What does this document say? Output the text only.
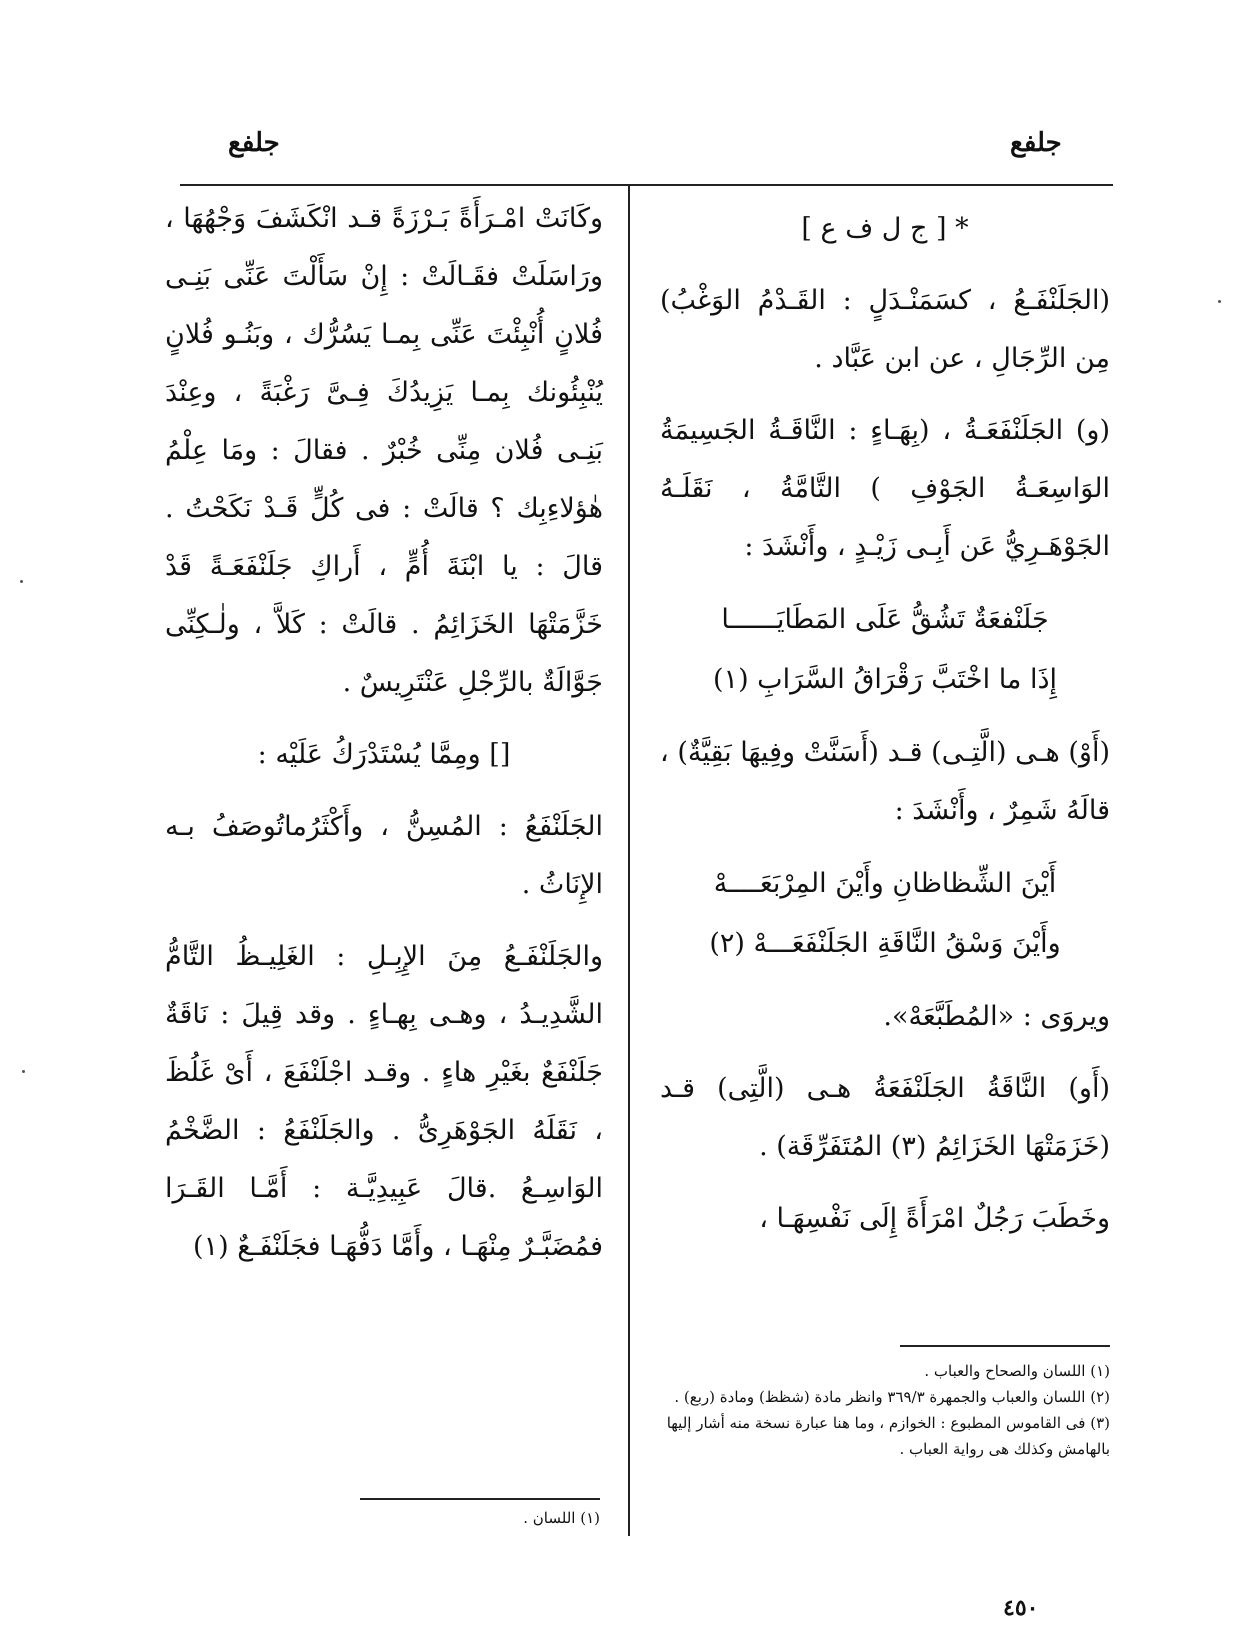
جلفع
جلفع

* [ ج ل ف ع ]

(الجَلَنْفَـعُ ، كسَمَنْـدَلٍ : القَـدْمُ الوَغْبُ) مِن الرِّجَالِ ، عن ابن عَبَّاد .

(و) الجَلَنْفَعَـةُ ، (بِهَـاءٍ : النَّاقَـةُ الجَسِيمَةُ الوَاسِعَـةُ الجَوْفِ ) التَّامَّةُ ، نَقَلَـهُ الجَوْهَـرِيُّ عَن أَبِـى زَيْـدٍ ، وأَنْشَدَ :

جَلَنْفعَةٌ تَشُقُّ عَلَى المَطَايَــــــا
إِذَا ما اخْتَبَّ رَقْرَاقُ السَّرَابِ (١)

(أَوْ) هـى (الَّتِـى) قـد (أَسَنَّتْ وفِيهَا بَقِيَّةٌ) ، قالَهُ شَمِرٌ ، وأَنْشَدَ :

أَيْنَ الشِّظاظانِ وأَيْنَ المِرْبَعَــــهْ
وأَيْنَ وَسْقُ النَّاقَةِ الجَلَنْفَعَـــهْ (٢)

ويروَى : «المُطَبَّعَهْ».

(أَو) النَّاقَةُ الجَلَنْفَعَةُ هـى (الَّتِى) قـد (خَزَمَتْهَا الخَزَائِمُ (٣) المُتَفَرِّقَة) .

وخَطَبَ رَجُلٌ امْرَأَةً إِلَى نَفْسِهَـا ،

(١) اللسان والصحاح والعباب .
(٢) اللسان والعباب والجمهرة ٣٦٩/٣ وانظر مادة (شظظ) ومادة (ربع) .
(٣) فى القاموس المطبوع : الخوازم ، وما هنا عبارة نسخة منه أشار إليها بالهامش وكذلك هى رواية العباب .

وكَانَتْ امْـرَأَةً بَـرْزَةً قـد انْكَشَفَ وَجْهُهَا ، ورَاسَلَتْ فقَـالَتْ : إِنْ سَأَلْتَ عَنِّى بَنِـى فُلانٍ أُنْبِئْتَ عَنِّى بِمـا يَسُرُّك ، وبَنُـو فُلانٍ يُنْبِئُونك بِمـا يَزِيدُكَ فِـىَّ رَغْبَةً ، وعِنْدَ بَنِـى فُلان مِنِّى خُبْرٌ . فقالَ : ومَا عِلْمُ هٰؤلاءِبِك ؟ قالَتْ : فى كُلٍّ قَـدْ نَكَحْتُ . قالَ : يا ابْنَةَ أُمٍّ ، أَراكِ جَلَنْفَعَـةً قَدْ خَزَّمَتْهَا الخَزَائِمُ . قالَتْ : كَلاَّ ، ولٰـكِنِّى جَوَّالَةٌ بالرِّجْلِ عَنْتَرِيسٌ .

[] ومِمَّا يُسْتَدْرَكُ عَلَيْه :

الجَلَنْفَعُ : المُسِنُّ ، وأَكْثَرُماتُوصَفُ بـه الإِنَاثُ .

والجَلَنْفَـعُ مِنَ الإِبِـلِ : الغَلِيـظُ التَّامُّ الشَّدِيـدُ ، وهـى بِهـاءٍ . وقد قِيلَ : نَاقَةٌ جَلَنْفَعٌ بغَيْرِ هاءٍ . وقـد اجْلَنْفَعَ ، أَىْ غَلُظَ ، نَقَلَهُ الجَوْهَرِىُّ . والجَلَنْفَعُ : الضَّخْمُ الوَاسِـعُ .قالَ عَبِيدِيَّـة : أَمَّـا القَـرَا فمُضَبَّـرٌ مِنْهَـا ، وأَمَّا دَفُّهَـا فجَلَنْفَـعٌ (١)

(١) اللسان .
٤٥٠
